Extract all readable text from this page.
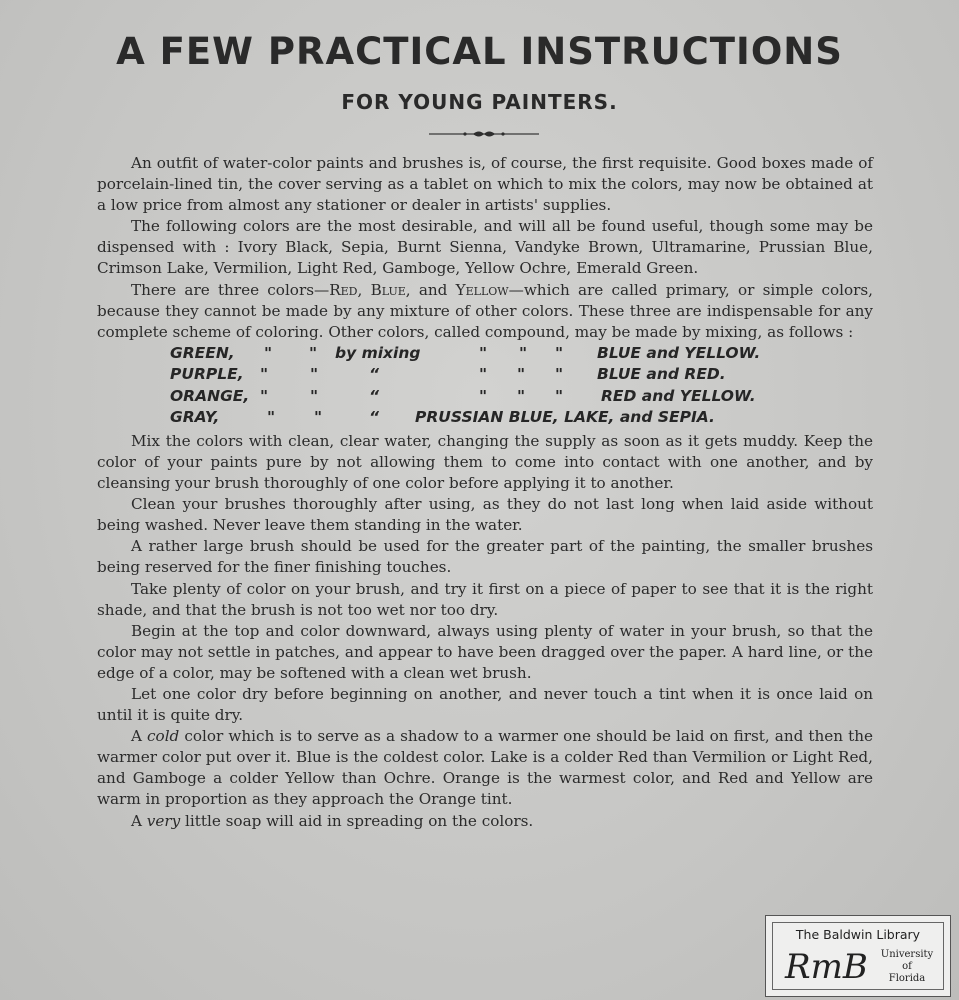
A FEW PRACTICAL INSTRUCTIONS
FOR YOUNG PAINTERS.

An outfit of water-color paints and brushes is, of course, the first requisite. Good boxes made of porcelain-lined tin, the cover serving as a tablet on which to mix the colors, may now be obtained at a low price from almost any stationer or dealer in artists' supplies.

The following colors are the most desirable, and will all be found useful, though some may be dispensed with : Ivory Black, Sepia, Burnt Sienna, Vandyke Brown, Ultramarine, Prussian Blue, Crimson Lake, Vermilion, Light Red, Gamboge, Yellow Ochre, Emerald Green.

There are three colors—Red, Blue, and Yellow—which are called primary, or simple colors, because they cannot be made by any mixture of other colors. These three are indispensable for any complete scheme of coloring. Other colors, called compound, may be made by mixing, as follows :

GREEN, " " by mixing	" " " BLUE and YELLOW.
PURPLE, "	"	“	" " " BLUE and RED.
ORANGE, "	"	“	" " " RED and YELLOW.
GRAY,	"	"	“ PRUSSIAN BLUE, LAKE, and SEPIA.

Mix the colors with clean, clear water, changing the supply as soon as it gets muddy. Keep the color of your paints pure by not allowing them to come into contact with one another, and by cleansing your brush thoroughly of one color before applying it to another.

Clean your brushes thoroughly after using, as they do not last long when laid aside without being washed. Never leave them standing in the water.

A rather large brush should be used for the greater part of the painting, the smaller brushes being reserved for the finer finishing touches.

Take plenty of color on your brush, and try it first on a piece of paper to see that it is the right shade, and that the brush is not too wet nor too dry.

Begin at the top and color downward, always using plenty of water in your brush, so that the color may not settle in patches, and appear to have been dragged over the paper. A hard line, or the edge of a color, may be softened with a clean wet brush.

Let one color dry before beginning on another, and never touch a tint when it is once laid on until it is quite dry.

A cold color which is to serve as a shadow to a warmer one should be laid on first, and then the warmer color put over it. Blue is the coldest color. Lake is a colder Red than Vermilion or Light Red, and Gamboge a colder Yellow than Ochre. Orange is the warmest color, and Red and Yellow are warm in proportion as they approach the Orange tint.

A very little soap will aid in spreading on the colors.

The Baldwin Library
RmB	University
of
Florida
